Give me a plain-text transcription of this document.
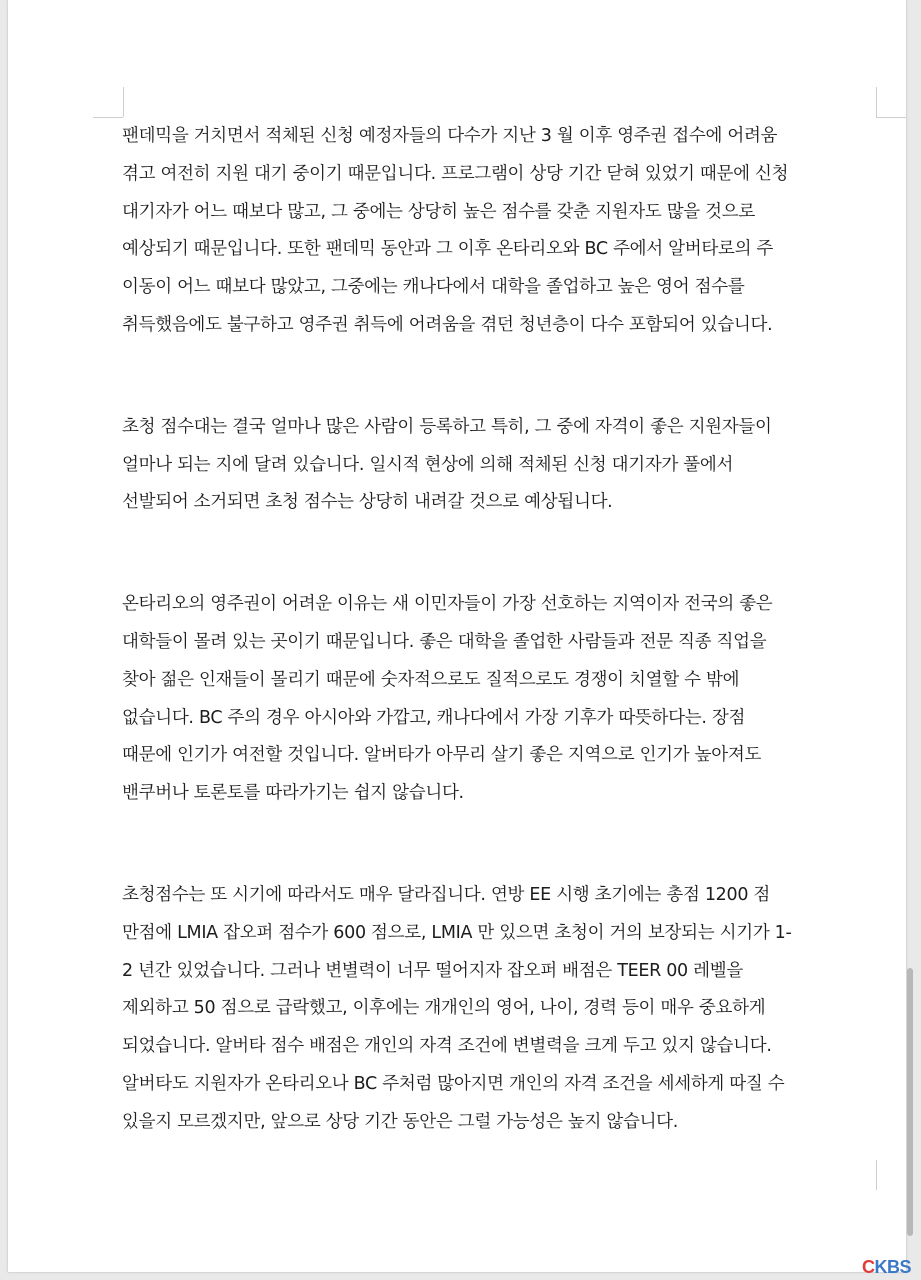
팬데믹을 거치면서 적체된 신청 예정자들의 다수가 지난 3 월 이후 영주권 접수에 어려움
겪고 여전히 지원 대기 중이기 때문입니다. 프로그램이 상당 기간 닫혀 있었기 때문에 신청
대기자가 어느 때보다 많고, 그 중에는 상당히 높은 점수를 갖춘 지원자도 많을 것으로
예상되기 때문입니다. 또한 팬데믹 동안과 그 이후 온타리오와 BC 주에서 알버타로의 주
이동이 어느 때보다 많았고, 그중에는 캐나다에서 대학을 졸업하고 높은 영어 점수를
취득했음에도 불구하고 영주권 취득에 어려움을 겪던 청년층이 다수 포함되어 있습니다.

초청 점수대는 결국 얼마나 많은 사람이 등록하고 특히, 그 중에 자격이 좋은 지원자들이
얼마나 되는 지에 달려 있습니다. 일시적 현상에 의해 적체된 신청 대기자가 풀에서
선발되어 소거되면 초청 점수는 상당히 내려갈 것으로 예상됩니다.

온타리오의 영주권이 어려운 이유는 새 이민자들이 가장 선호하는 지역이자 전국의 좋은
대학들이 몰려 있는 곳이기 때문입니다. 좋은 대학을 졸업한 사람들과 전문 직종 직업을
찾아 젊은 인재들이 몰리기 때문에 숫자적으로도 질적으로도 경쟁이 치열할 수 밖에
없습니다. BC 주의 경우 아시아와 가깝고, 캐나다에서 가장 기후가 따뜻하다는. 장점
때문에 인기가 여전할 것입니다. 알버타가 아무리 살기 좋은 지역으로 인기가 높아져도
밴쿠버나 토론토를 따라가기는 쉽지 않습니다.

초청점수는 또 시기에 따라서도 매우 달라집니다. 연방 EE 시행 초기에는 총점 1200 점
만점에 LMIA 잡오퍼 점수가 600 점으로, LMIA 만 있으면 초청이 거의 보장되는 시기가 1-
2 년간 있었습니다. 그러나 변별력이 너무 떨어지자 잡오퍼 배점은 TEER 00 레벨을
제외하고 50 점으로 급락했고, 이후에는 개개인의 영어, 나이, 경력 등이 매우 중요하게
되었습니다. 알버타 점수 배점은 개인의 자격 조건에 변별력을 크게 두고 있지 않습니다.
알버타도 지원자가 온타리오나 BC 주처럼 많아지면 개인의 자격 조건을 세세하게 따질 수
있을지 모르겠지만, 앞으로 상당 기간 동안은 그럴 가능성은 높지 않습니다.

CKBS
